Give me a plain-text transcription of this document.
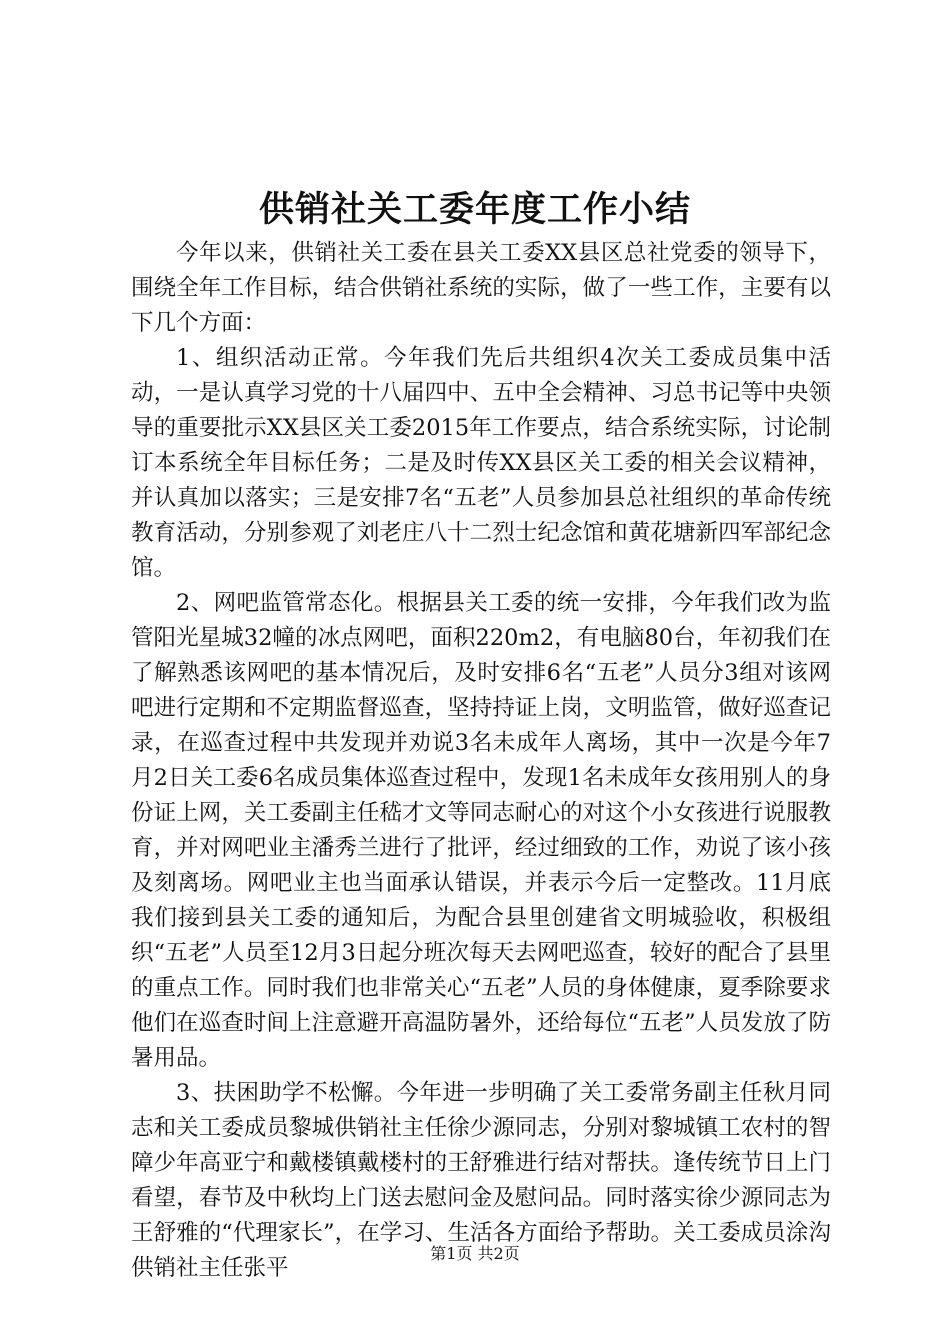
供销社关工委年度工作小结

今年以来，供销社关工委在县关工委XX县区总社党委的领导下，围绕全年工作目标，结合供销社系统的实际，做了一些工作，主要有以下几个方面：

1、组织活动正常。今年我们先后共组织4次关工委成员集中活动，一是认真学习党的十八届四中、五中全会精神、习总书记等中央领导的重要批示XX县区关工委2015年工作要点，结合系统实际，讨论制订本系统全年目标任务；二是及时传XX县区关工委的相关会议精神，并认真加以落实；三是安排7名“五老”人员参加县总社组织的革命传统教育活动，分别参观了刘老庄八十二烈士纪念馆和黄花塘新四军部纪念馆。

2、网吧监管常态化。根据县关工委的统一安排，今年我们改为监管阳光星城32幢的冰点网吧，面积220m2，有电脑80台，年初我们在了解熟悉该网吧的基本情况后，及时安排6名“五老”人员分3组对该网吧进行定期和不定期监督巡查，坚持持证上岗，文明监管，做好巡查记录，在巡查过程中共发现并劝说3名未成年人离场，其中一次是今年7月2日关工委6名成员集体巡查过程中，发现1名未成年女孩用别人的身份证上网，关工委副主任嵇才文等同志耐心的对这个小女孩进行说服教育，并对网吧业主潘秀兰进行了批评，经过细致的工作，劝说了该小孩及刻离场。网吧业主也当面承认错误，并表示今后一定整改。11月底我们接到县关工委的通知后，为配合县里创建省文明城验收，积极组织“五老”人员至12月3日起分班次每天去网吧巡查，较好的配合了县里的重点工作。同时我们也非常关心“五老”人员的身体健康，夏季除要求他们在巡查时间上注意避开高温防暑外，还给每位“五老”人员发放了防暑用品。

3、扶困助学不松懈。今年进一步明确了关工委常务副主任秋月同志和关工委成员黎城供销社主任徐少源同志，分别对黎城镇工农村的智障少年高亚宁和戴楼镇戴楼村的王舒雅进行结对帮扶。逢传统节日上门看望，春节及中秋均上门送去慰问金及慰问品。同时落实徐少源同志为王舒雅的“代理家长”，在学习、生活各方面给予帮助。关工委成员涂沟供销社主任张平

第1页 共2页
